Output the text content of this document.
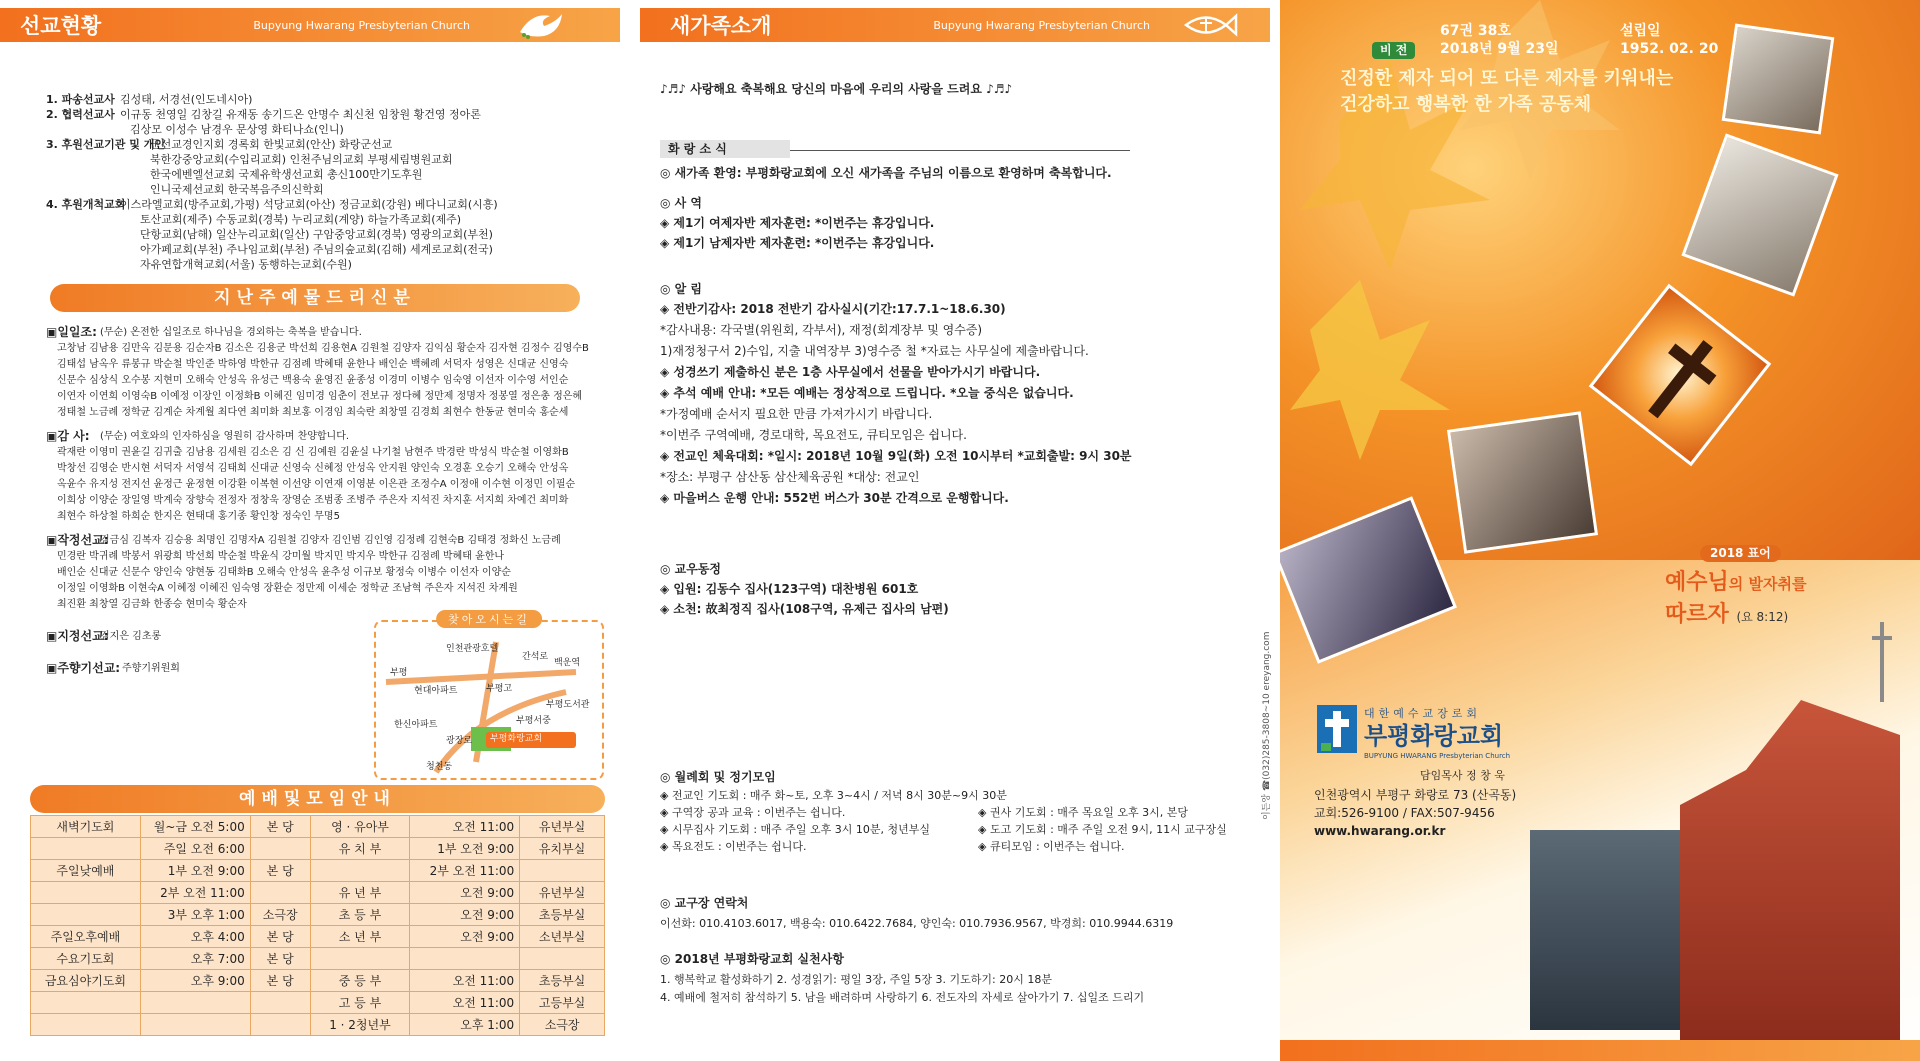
선교현황	Bupyung Hwarang Presbyterian Church
1. 파송선교사 김성태, 서경선(인도네시아)
2. 협력선교사 이규동 천영일 김창길 유재동 송기드온 안명수 최신천 임창원 황건영 정아론
김상모 이성수 남경우 문상영 화티나쇼(인니)
3. 후원선교기관 및 개인
군선교경인지회 경록회 한빛교회(안산) 화랑군선교
북한강중앙교회(수입리교회) 인천주님의교회 부평세림병원교회
한국에벤엘선교회 국제유학생선교회 총신100만기도후원
인니국제선교회 한국복음주의신학회
4. 후원개척교회
이스라엘교회(방주교회,가평) 석당교회(아산) 정금교회(강원) 베다니교회(시흥)
토산교회(제주) 수동교회(경북) 누리교회(계양) 하늘가족교회(제주)
단항교회(남해) 일산누리교회(일산) 구암중앙교회(경북) 영광의교회(부천)
아가페교회(부천) 주나임교회(부천) 주님의숲교회(김해) 세계로교회(전국)
자유연합개혁교회(서울) 동행하는교회(수원)
지난주예물드리신분
▣일일조: (무순) 온전한 십일조로 하나님을 경외하는 축복을 받습니다.
고창남 김남용 김만옥 김문용 김순자B 김소은 김용군 박선희 김용현A 김원철 김양자 김익심 황순자 김자현 김정수 김영수B
김태섭 남옥우 류봉규 박순철 박인준 박하영 박한규 김점례 박혜태 윤한나 배인순 백혜례 서덕자 성영은 신대균 신영숙
신문수 심상식 오수봉 지현미 오해숙 안성옥 유성근 백용숙 윤영진 윤종성 이경미 이병수 임숙영 이선자 이수영 서인순
이연자 이연희 이영숙B 이예정 이장인 이정화B 이혜진 임미경 임춘이 전보규 정다혜 정만제 정명자 정봉열 정은총 정은혜
정태철 노금례 정학균 김계순 차계월 최다연 최미화 최보홍 이경임 최숙란 최창열 김경희 최현수 한동균 현미숙 홍순세
▣감 사: (무순) 여호와의 인자하심을 영원히 감사하며 찬양합니다.
곽재란 이영미 권윤길 김귀출 김남용 김세원 김소은 김 신 김예원 김윤실 나기철 남현주 박경란 박성식 박순철 이영화B
박창선 김영순 반시현 서덕자 서영석 김태희 신대균 신영숙 신혜정 안성옥 안지원 양인숙 오경훈 오승기 오해숙 안성옥
옥윤수 유지성 전지선 윤정근 윤정현 이강환 이복현 이선양 이연재 이영분 이은관 조정수A 이정애 이수현 이정민 이필순
이희상 이양순 장일영 박계숙 장향숙 전정자 정창욱 장영순 조범종 조병주 주은자 지석진 차지훈 서지희 차예건 최미화
최현수 하상철 하희순 한지은 현태대 홍기종 황인창 정숙인 무명5
▣작정선교:
김금심 김복자 김승용 최명인 김명자A 김원철 김양자 김인범 김인영 김정례 김현숙B 김태경 정화신 노금례
민경란 박귀례 박봉서 위광희 박선희 박순철 박윤식 강미월 박지민 박지우 박한규 김점례 박혜태 윤한나
배인순 신대균 신문수 양인숙 양현동 김태화B 오해숙 안성옥 윤추성 이규보 황정숙 이병수 이선자 이양순
이정일 이영화B 이현숙A 이혜정 이혜진 임숙영 장환순 정만제 이세순 정학균 조남혁 주은자 지석진 차계원
최진환 최창열 김금화 한종승 현미숙 황순자
▣지정선교:
김지은 김초롱
▣주향기선교: 주향기위원회
찾아오시는길
인천관광호텔
부평
현대아파트	부평고
백운역
부평도서관
한신아파트	부평서중
부평화랑교회
청천동
광장로
간석로
예배및모임안내
새벽기도회	월~금 오전 5:00	본 당	영 · 유아부	오전 11:00	유년부실
	주일 오전 6:00		유 치 부	1부 오전 9:00	유치부실
주일낮예배	1부 오전 9:00	본 당		2부 오전 11:00	
	2부 오전 11:00		유 년 부	오전 9:00	유년부실
	3부 오후 1:00	소극장	초 등 부	오전 9:00	초등부실
주일오후예배	오후 4:00	본 당	소 년 부	오전 9:00	소년부실
수요기도회	오후 7:00	본 당			
금요심야기도회	오후 9:00	본 당	중 등 부	오전 11:00	초등부실
			고 등 부	오전 11:00	고등부실
			1 · 2청년부	오후 1:00	소극장
새가족소개	Bupyung Hwarang Presbyterian Church
♪♬♪ 사랑해요 축복해요 당신의 마음에 우리의 사랑을 드려요 ♪♬♪
화 랑 소 식
◎ 새가족 환영: 부평화랑교회에 오신 새가족을 주님의 이름으로 환영하며 축복합니다.
◎ 사 역
◈ 제1기 여제자반 제자훈련: *이번주는 휴강입니다.
◈ 제1기 남제자반 제자훈련: *이번주는 휴강입니다.
◎ 알 림
◈ 전반기감사: 2018 전반기 감사실시(기간:17.7.1~18.6.30)
*감사내용: 각국별(위원회, 각부서), 재정(회계장부 및 영수증)
1)재정청구서 2)수입, 지출 내역장부 3)영수증 철 *자료는 사무실에 제출바랍니다.
◈ 성경쓰기 제출하신 분은 1층 사무실에서 선물을 받아가시기 바랍니다.
◈ 추석 예배 안내: *모든 예배는 정상적으로 드립니다. *오늘 중식은 없습니다.
*가정예배 순서지 필요한 만큼 가져가시기 바랍니다.
*이번주 구역예배, 경로대학, 목요전도, 큐티모임은 쉽니다.
◈ 전교인 체육대회: *일시: 2018년 10월 9일(화) 오전 10시부터 *교회출발: 9시 30분
*장소: 부평구 삼산동 삼산체육공원 *대상: 전교인
◈ 마을버스 운행 안내: 552번 버스가 30분 간격으로 운행합니다.
◎ 교우동정
◈ 입원: 김동수 집사(123구역) 대찬병원 601호
◈ 소천: 故최정직 집사(108구역, 유제근 집사의 남편)
◎ 월례회 및 정기모임
◈ 전교인 기도회 : 매주 화~토, 오후 3~4시 / 저녁 8시 30분~9시 30분
◈ 구역장 공과 교육 : 이번주는 쉽니다.
◈ 시무집사 기도회 : 매주 주일 오후 3시 10분, 청년부실
◈ 목요전도 : 이번주는 쉽니다.
◈ 권사 기도회 : 매주 목요일 오후 3시, 본당
◈ 도고 기도회 : 매주 주일 오전 9시, 11시 교구장실
◈ 큐티모임 : 이번주는 쉽니다.
◎ 교구장 연락처
이선화: 010.4103.6017, 백용숙: 010.6422.7684, 양인숙: 010.7936.9567, 박경희: 010.9944.6319
◎ 2018년 부평화랑교회 실천사항
1. 행복학교 활성화하기 2. 성경읽기: 평일 3장, 주일 5장 3. 기도하기: 20시 18분
4. 예배에 철저히 참석하기 5. 남을 배려하며 사랑하기 6. 전도자의 자세로 살아가기 7. 십일조 드리기
이든앙 ☎(032)285-3808~10 ereyang.com
67권 38호
2018년 9월 23일
비 전
설립일
1952. 02. 20
진정한 제자 되어 또 다른 제자를 키워내는
건강하고 행복한 한 가족 공동체
2018 표어
예수님의 발자취를
따르자 (요 8:12)
대한예수교장로회
부평화랑교회
BUPYUNG HWARANG Presbyterian Church
담임목사 정 창 욱
인천광역시 부평구 화랑로 73 (산곡동)
교회:526-9100 / FAX:507-9456
www.hwarang.or.kr
